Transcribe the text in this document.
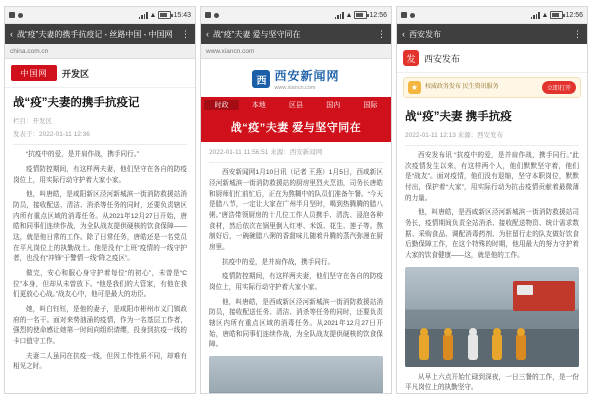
▲ 15:43
‹ 战“疫”夫妻的携手抗疫记 - 丝路中国 - 中国网 ⋮
china.com.cn
中国网	开发区
战“疫”夫妻的携手抗疫记
栏目：开发区
发表于：2022-01-11 12:36

“抗疫中的爱，是并肩作战，携手同行。”

疫情防控期间，有这样两夫妻，他们坚守在各自的防疫岗位上，用实际行动守护着大家小家。

他，叫唐皓，是咸阳新区泾河新城滨一街消防救援站消防员，接收配送、清洁、消杀等任务的同时，还要负责辖区内所有重点区域的消毒任务。从2021年12月27日开始，唐皓和同事们连续作战，为全队战友提供硬核的饮食保障——这，就是他日常的工作。除了日常任务，唐皓还是一名党员在平凡岗位上的执勤战士。他是没有“上班”疫情的一线守护者，也没有“冲锋”于警情一线“降之疫区”。

做完，安心和服心身守护着每位“的初心”，未曾是“C位”本身，但却从未曾放下。“他是我们的大管家，有他在我们更放心心战。”战友心中，他可是最大的功臣。

她，叫白钰钰，是他的妻子，是咸阳市彬州市义门镇政府的一名干。面对来势汹涌的疫情，作为一名基层工作者，强烈的使命感让她第一时间向组织请缨，投身到抗疫一线的卡口值守工作。

夫妻二人虽同在抗疫一线，但因工作性质不同，却难有相见之时。

▲ 12:56
‹ 战“疫”夫妻 爱与坚守同在	⋮
www.xiancn.com
西 西安新闻网
www.xiancn.com
时政	本地	区县	国内	国际
战“疫”夫妻 爱与坚守同在
2022-01-11 11:56:51 来源：西安新闻网

西安新闻网1月10日讯（记者 王燕）1月5日，西咸新区泾河新城滨一街消防救援站的厨房里烈火烹油，司务长唐皓和厨师们忙前忙后，正在为熬糊中的队员们准备午餐。“今天是腊八节，一定让大家在广州半月坚时，喝到热腾腾的腊八粥。”唐浩带领厨房的十几位工作人员携手、清洗、浸泡各种食材，然后依次在锅里倒入红枣、米饭、花生、莲子等。熬制好后，一碗碗腊八粥的香甜味儿随着升腾的蒸汽弥漫在厨房里。

抗疫中的爱，是并肩作战，携手同行。

疫情防控期间，有这样两夫妻，他们坚守在各自的防疫岗位上，用实际行动守护着大家小家。

他，叫唐皓，是西咸新区泾河新城滨一街消防救援站消防员，接收配送任务、清洁、消杀等任务的同时，还要负责辖区内所有重点区域的消毒任务。从2021年12月27日开始，唐皓和同事们连续作战，为全队战友提供硬核的饮食保障。

▲ 12:56
‹ 西安发布	⋮
发 西安发布
★	权威政务发布 民生资讯服务	立即打开
战“疫”夫妻 携手抗疫
2022-01-11 12:13 来源：西安发布

西安发布讯 “抗疫中的爱，是并肩作战，携手同行。”此次疫情发生以来，有这样两个人，他们默默坚守着，他们是“战友”。面对疫情，他们没有退缩，坚守本职岗位，默默付出，保护着“大家”，用实际行动为抗击疫情贡献着最微薄的力量。

他，叫唐皓，是西咸新区泾河新城滨一街消防救援站司务长，疫情期间负责全站消杀、接收配送物资、统计需求数据、采购食品、调配消毒药剂、为驻留行走的队友做好饮食后勤保障工作，在这个特殊的时期，他用最大的努力守护着大家的饮食健康——这，就是他的工作。

从早上六点开始忙碌到深夜，一日三餐的工作，是一份平凡岗位上的执勤坚守。
